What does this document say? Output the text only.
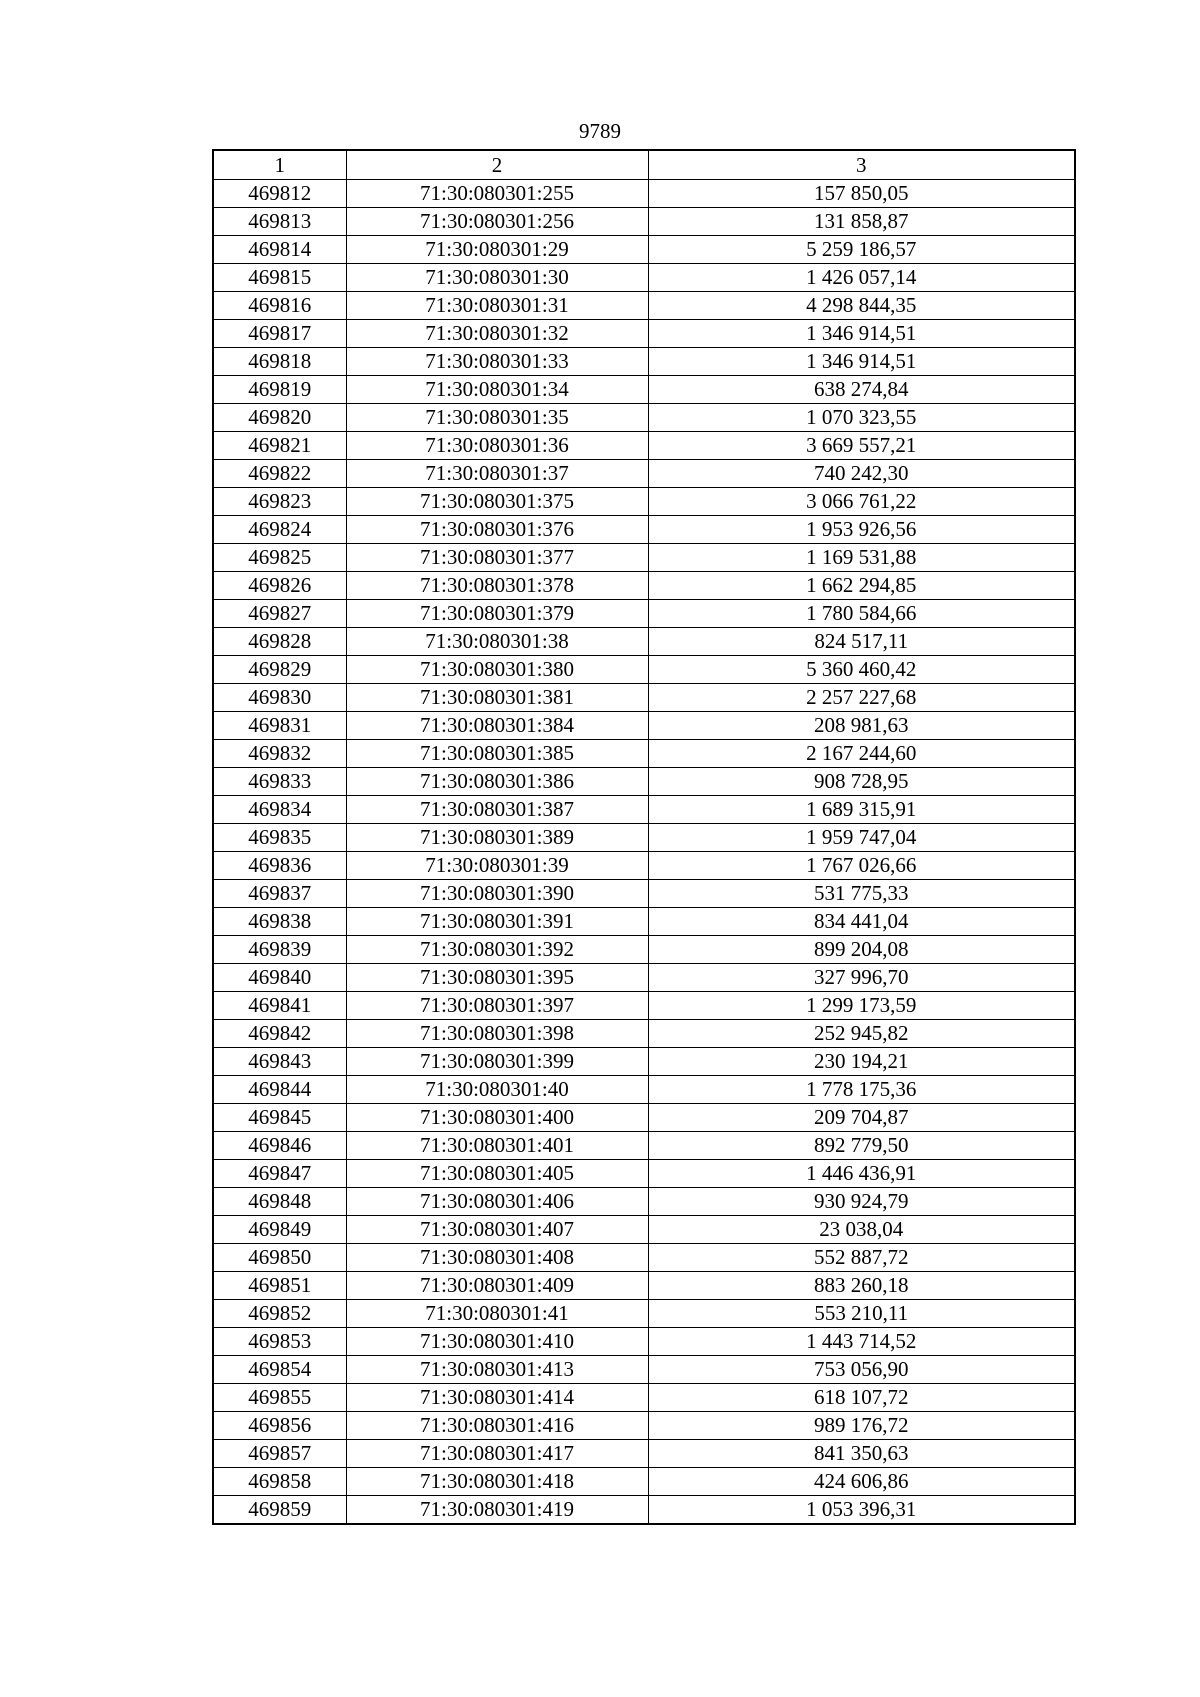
9789
1	2	3
469812	71:30:080301:255	157 850,05
469813	71:30:080301:256	131 858,87
469814	71:30:080301:29	5 259 186,57
469815	71:30:080301:30	1 426 057,14
469816	71:30:080301:31	4 298 844,35
469817	71:30:080301:32	1 346 914,51
469818	71:30:080301:33	1 346 914,51
469819	71:30:080301:34	638 274,84
469820	71:30:080301:35	1 070 323,55
469821	71:30:080301:36	3 669 557,21
469822	71:30:080301:37	740 242,30
469823	71:30:080301:375	3 066 761,22
469824	71:30:080301:376	1 953 926,56
469825	71:30:080301:377	1 169 531,88
469826	71:30:080301:378	1 662 294,85
469827	71:30:080301:379	1 780 584,66
469828	71:30:080301:38	824 517,11
469829	71:30:080301:380	5 360 460,42
469830	71:30:080301:381	2 257 227,68
469831	71:30:080301:384	208 981,63
469832	71:30:080301:385	2 167 244,60
469833	71:30:080301:386	908 728,95
469834	71:30:080301:387	1 689 315,91
469835	71:30:080301:389	1 959 747,04
469836	71:30:080301:39	1 767 026,66
469837	71:30:080301:390	531 775,33
469838	71:30:080301:391	834 441,04
469839	71:30:080301:392	899 204,08
469840	71:30:080301:395	327 996,70
469841	71:30:080301:397	1 299 173,59
469842	71:30:080301:398	252 945,82
469843	71:30:080301:399	230 194,21
469844	71:30:080301:40	1 778 175,36
469845	71:30:080301:400	209 704,87
469846	71:30:080301:401	892 779,50
469847	71:30:080301:405	1 446 436,91
469848	71:30:080301:406	930 924,79
469849	71:30:080301:407	23 038,04
469850	71:30:080301:408	552 887,72
469851	71:30:080301:409	883 260,18
469852	71:30:080301:41	553 210,11
469853	71:30:080301:410	1 443 714,52
469854	71:30:080301:413	753 056,90
469855	71:30:080301:414	618 107,72
469856	71:30:080301:416	989 176,72
469857	71:30:080301:417	841 350,63
469858	71:30:080301:418	424 606,86
469859	71:30:080301:419	1 053 396,31
